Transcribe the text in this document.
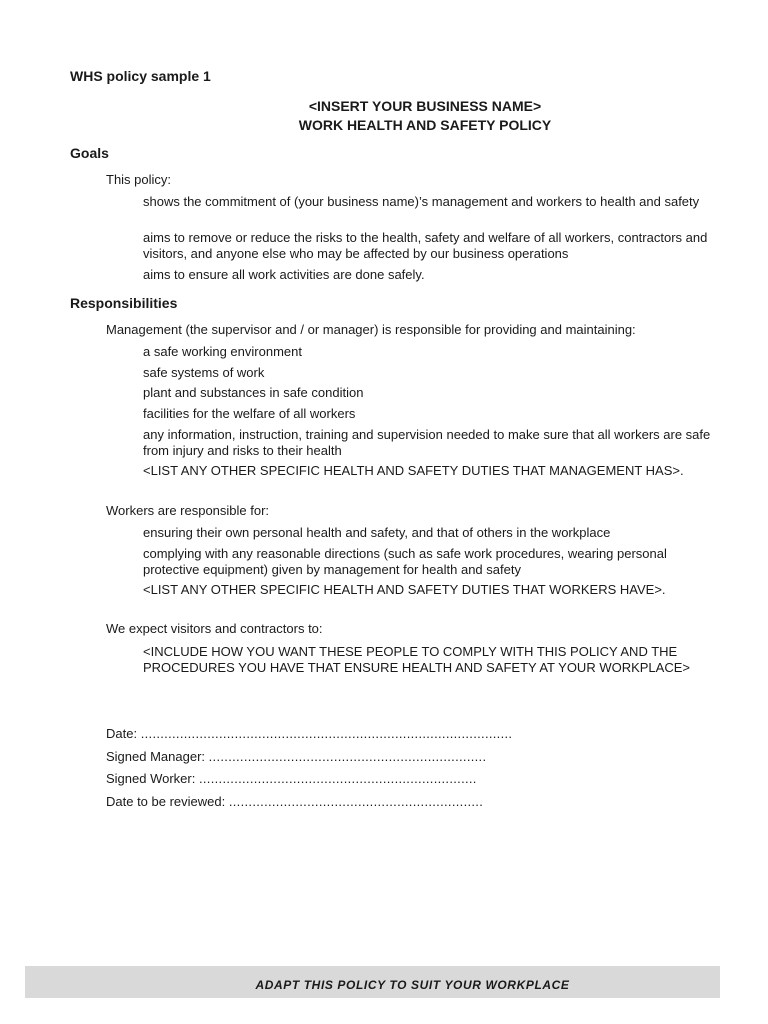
WHS policy sample 1
<INSERT YOUR BUSINESS NAME>
WORK HEALTH AND SAFETY POLICY
Goals
This policy:
shows the commitment of (your business name)’s management and workers to health and safety
aims to remove or reduce the risks to the health, safety and welfare of all workers, contractors and visitors, and anyone else who may be affected by our business operations
aims to ensure all work activities are done safely.
Responsibilities
Management (the supervisor and / or manager) is responsible for providing and maintaining:
a safe working environment
safe systems of work
plant and substances in safe condition
facilities for the welfare of all workers
any information, instruction, training and supervision needed to make sure that all workers are safe from injury and risks to their health
<LIST ANY OTHER SPECIFIC HEALTH AND SAFETY DUTIES THAT MANAGEMENT HAS>.
Workers are responsible for:
ensuring their own personal health and safety, and that of others in the workplace
complying with any reasonable directions (such as safe work procedures, wearing personal protective equipment) given by management for health and safety
<LIST ANY OTHER SPECIFIC HEALTH AND SAFETY DUTIES THAT WORKERS HAVE>.
We expect visitors and contractors to:
<INCLUDE HOW YOU WANT THESE PEOPLE TO COMPLY WITH THIS POLICY AND THE PROCEDURES YOU HAVE THAT ENSURE HEALTH AND SAFETY AT YOUR WORKPLACE>
Date: ...............................................................................................
Signed Manager: .......................................................................
Signed Worker: .......................................................................
Date to be reviewed: .................................................................
ADAPT THIS POLICY TO SUIT YOUR WORKPLACE
